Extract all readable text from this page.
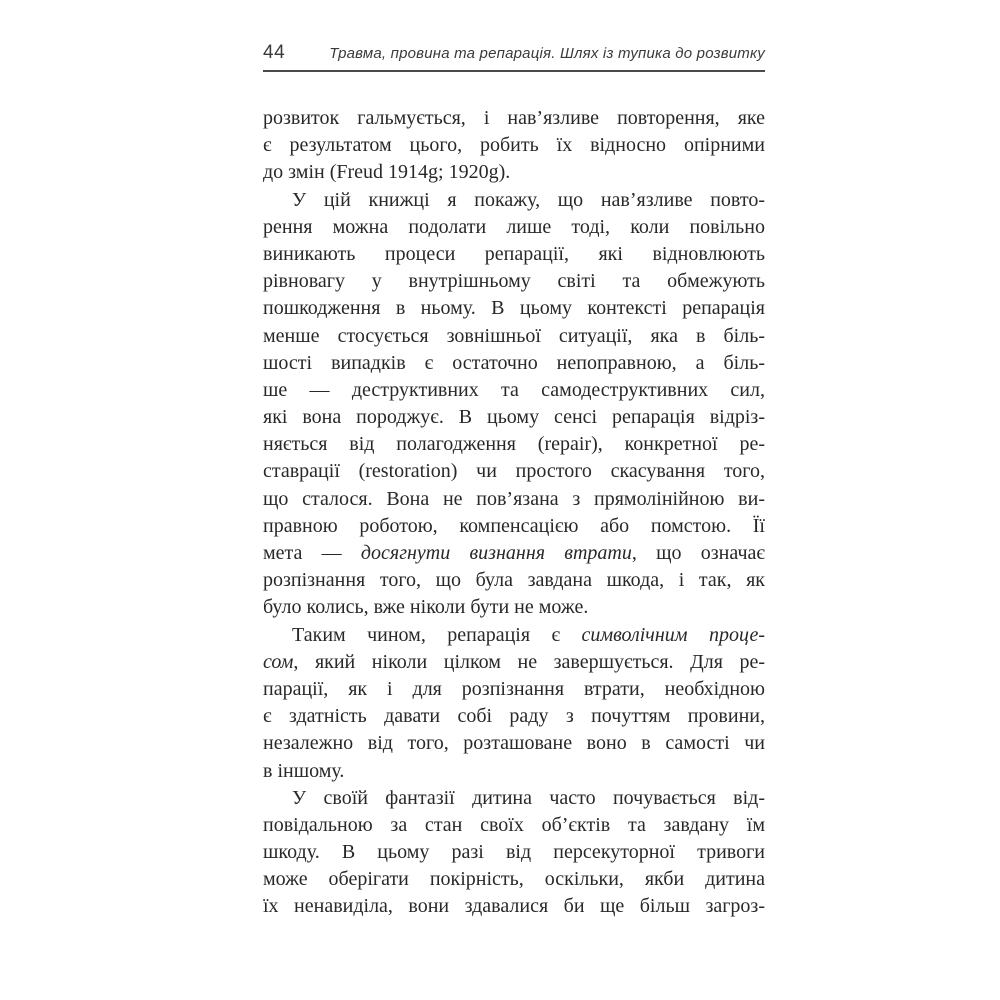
44	Травма, провина та репарація. Шлях із тупика до розвитку
розвиток гальмується, і нав’язливе повторення, яке
є результатом цього, робить їх відносно опірними
до змін (Freud 1914g; 1920g).
У цій книжці я покажу, що нав’язливе повто-
рення можна подолати лише тоді, коли повільно
виникають процеси репарації, які відновлюють
рівновагу у внутрішньому світі та обмежують
пошкодження в ньому. В цьому контексті репарація
менше стосується зовнішньої ситуації, яка в біль-
шості випадків є остаточно непоправною, а біль-
ше — деструктивних та самодеструктивних сил,
які вона породжує. В цьому сенсі репарація відріз-
няється від полагодження (repair), конкретної ре-
ставрації (restoration) чи простого скасування того,
що сталося. Вона не пов’язана з прямолінійною ви-
правною роботою, компенсацією або помстою. Її
мета — досягнути визнання втрати, що означає
розпізнання того, що була завдана шкода, і так, як
було колись, вже ніколи бути не може.
Таким чином, репарація є символічним проце-
сом, який ніколи цілком не завершується. Для ре-
парації, як і для розпізнання втрати, необхідною
є здатність давати собі раду з почуттям провини,
незалежно від того, розташоване воно в самості чи
в іншому.
У своїй фантазії дитина часто почувається від-
повідальною за стан своїх об’єктів та завдану їм
шкоду. В цьому разі від персекуторної тривоги
може оберігати покірність, оскільки, якби дитина
їх ненавиділа, вони здавалися би ще більш загроз-
